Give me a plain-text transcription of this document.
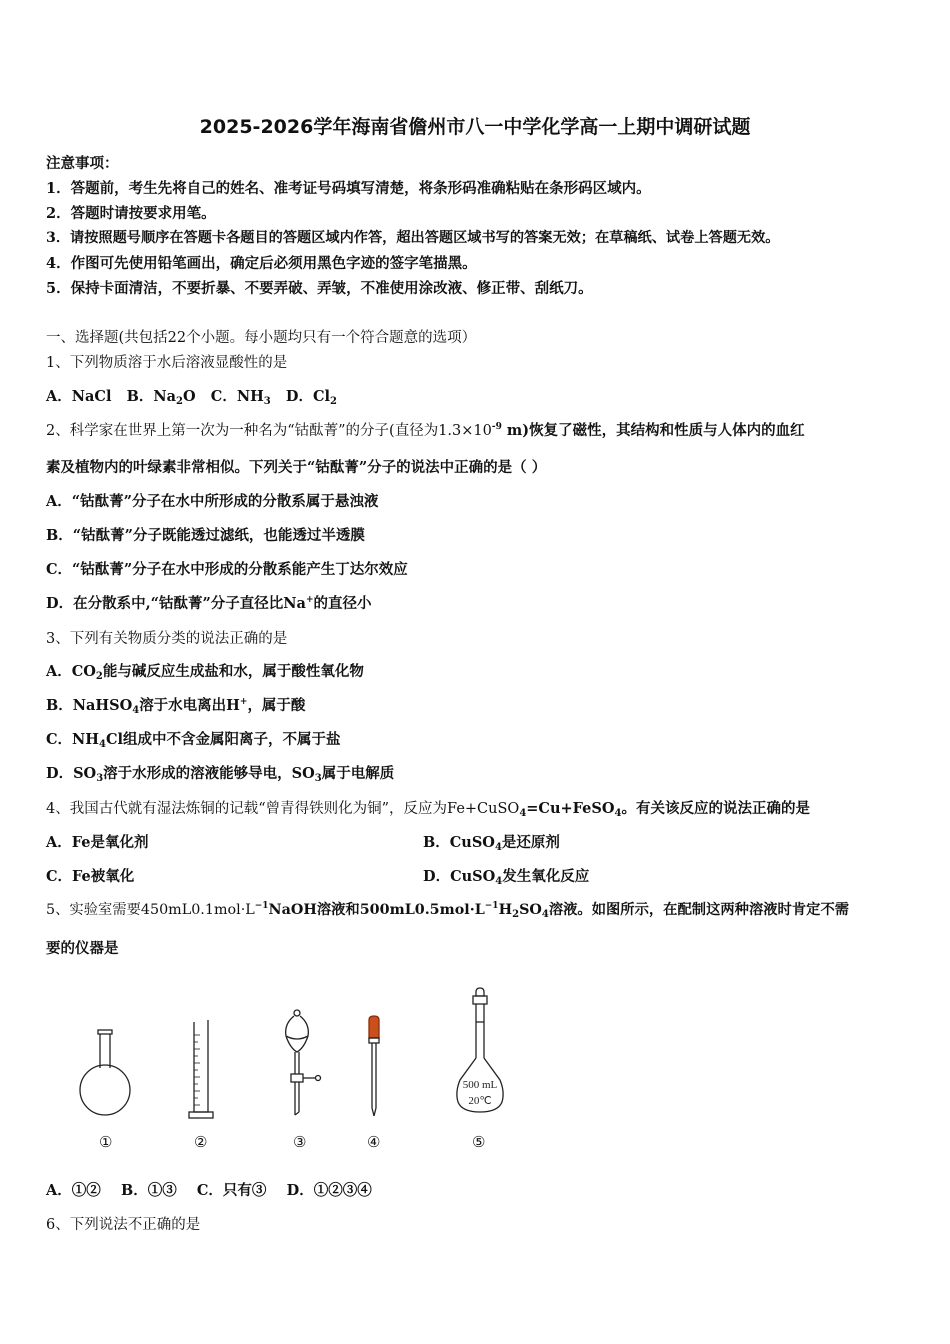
2025-2026学年海南省儋州市八一中学化学高一上期中调研试题
注意事项：
1．答题前，考生先将自己的姓名、准考证号码填写清楚，将条形码准确粘贴在条形码区域内。
2．答题时请按要求用笔。
3．请按照题号顺序在答题卡各题目的答题区域内作答，超出答题区域书写的答案无效；在草稿纸、试卷上答题无效。
4．作图可先使用铅笔画出，确定后必须用黑色字迹的签字笔描黑。
5．保持卡面清洁，不要折暴、不要弄破、弄皱，不准使用涂改液、修正带、刮纸刀。
一、选择题(共包括22个小题。每小题均只有一个符合题意的选项）
1、下列物质溶于水后溶液显酸性的是
A．NaCl B．$Na_2O$ C．$NH_3$ D．$Cl_2$
2、科学家在世界上第一次为一种名为“钴酞菁”的分子(直径为$1.3\times 10^{-9}$ m)恢复了磁性，其结构和性质与人体内的血红
素及植物内的叶绿素非常相似。下列关于“钴酞菁”分子的说法中正确的是（ ）
A．“钴酞菁”分子在水中所形成的分散系属于悬浊液
B．“钴酞菁”分子既能透过滤纸，也能透过半透膜
C．“钴酞菁”分子在水中形成的分散系能产生丁达尔效应
D．在分散系中,“钴酞菁”分子直径比Na+的直径小
3、下列有关物质分类的说法正确的是
A．$CO_2$能与碱反应生成盐和水，属于酸性氧化物
B．NaHSO$_4$溶于水电离出H+，属于酸
C．$NH_4Cl$组成中不含金属阳离子，不属于盐
D．$SO_3$溶于水形成的溶液能够导电，$SO_3$属于电解质
4、我国古代就有湿法炼铜的记载“曾青得铁则化为铜”，反应为Fe+CuSO$_4$=Cu+FeSO$_4$。有关该反应的说法正确的是
A．Fe是氧化剂	B．CuSO$_4$是还原剂
C．Fe被氧化	D．CuSO$_4$发生氧化反应
5、实验室需要$450mL0.1mol\cdot L^{-1}NaOH$溶液和$500mL0.5mol\cdot L^{-1}H_2SO_4$溶液。如图所示，在配制这两种溶液时肯定不需
要的仪器是
500 mL
20℃
①	②	③	④	⑤
A．①②    B．①③    C．只有③    D．①②③④
6、下列说法不正确的是
